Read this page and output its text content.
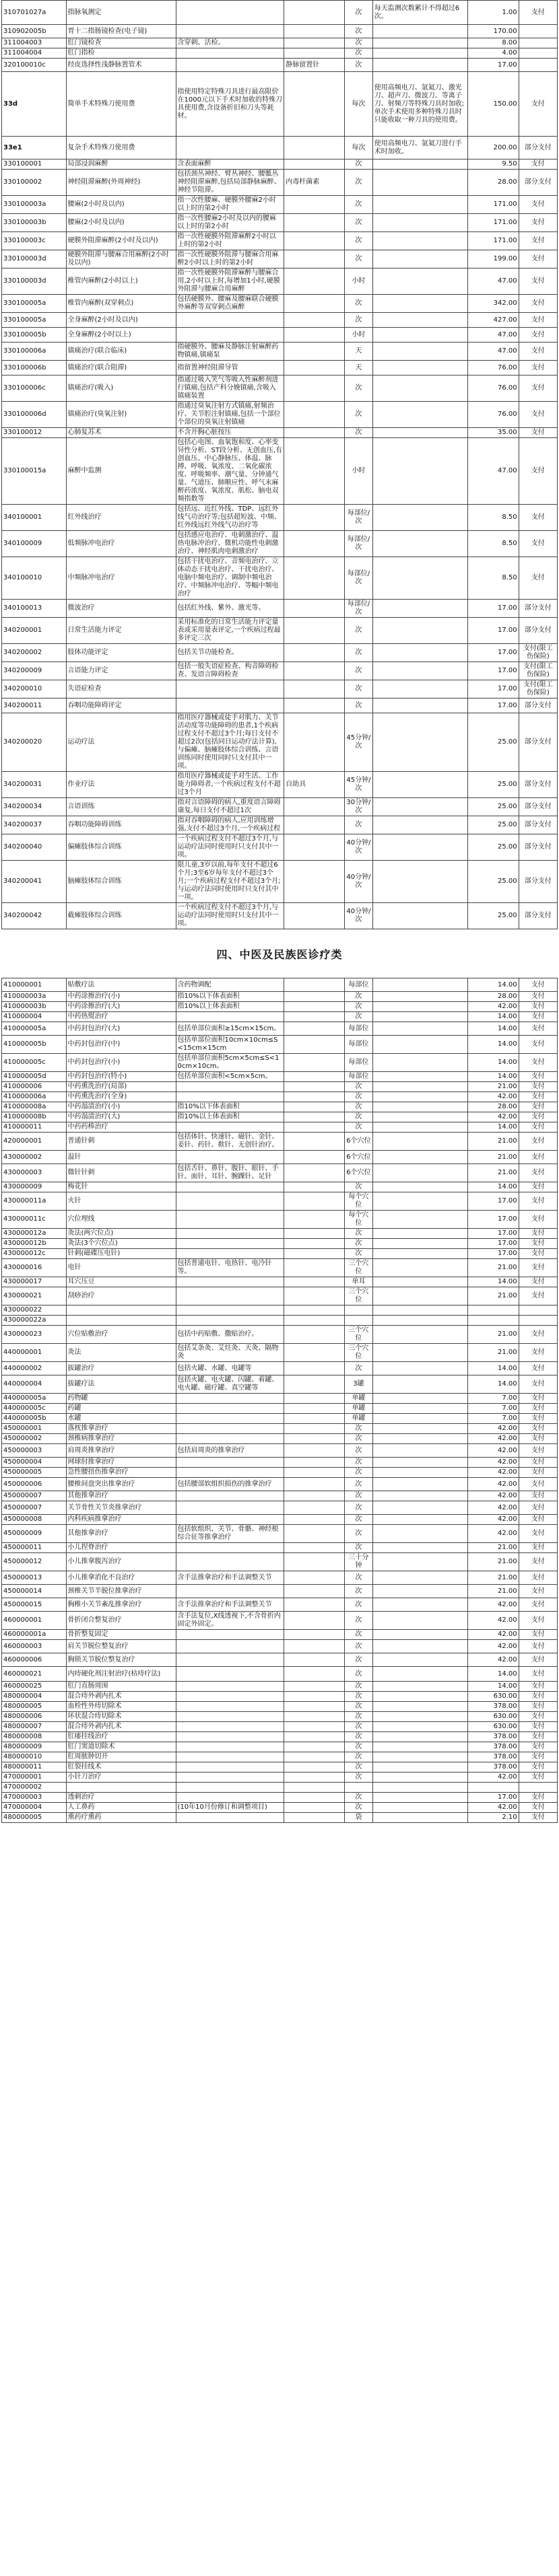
310701027a	指脉氧测定			次	每天监测次数累计不得超过6次。	1.00	支付
310902005b	胃十二指肠镜检查(电子镜)			次		170.00	
311004003	肛门镜检查	含穿刺、活检。		次		8.00	
311004004	肛门指检			次		4.00	
320100010c	经皮选择性浅静脉置管术		静脉留置针	次		17.00	
33d	简单手术特殊刀使用费	指使用特定特殊刀具进行最高限价在1000元以下手术时加收的特殊刀具使用费,含设备折旧和刀头等耗材。		每次	使用高频电刀、氩氦刀、激光刀、超声刀、微波刀、等离子刀、射频刀等特殊刀具时加收;单次手术使用多种特殊刀具时只能收取一种刀具的使用费。	150.00	支付
33e1	复杂手术特殊刀使用费			每次	使用高频电刀、氩氦刀进行手术时加收。	200.00	部分支付
330100001	局部浸润麻醉	含表面麻醉		次		9.50	支付
330100002	神经阻滞麻醉(外周神经)	包括颈丛神经、臂丛神经、腰骶丛神经阻滞麻醉,包括局部静脉麻醉、神经节阻滞。	内毒杆菌素	次		28.00	部分支付
330100003a	腰麻(2小时及以内)	指一次性腰麻、硬膜外腰麻2小时以上时的第2小时		次		171.00	支付
330100003b	腰麻(2小时及以内)	指一次性腰麻2小时及以内的腰麻以上时的第2小时		次		171.00	支付
330100003c	硬膜外阻滞麻醉(2小时及以内)	指一次性硬膜外阻滞麻醉2小时以上时的第2小时		次		171.00	支付
330100003d	硬膜外阻滞与腰麻合用麻醉(2小时及以内)	指一次性硬膜外阻滞与腰麻合用麻醉2小时以上时的第2小时		次		199.00	支付
330100003d	椎管内麻醉(2小时以上)	指一次性硬膜外阻滞麻醉与腰麻合用,2小时以上时,每增加1小时,硬膜外阻滞与腰麻合用麻醉		小时		47.00	支付
330100005a	椎管内麻醉(双穿刺点)	包括硬膜外、腰麻及腰麻联合硬膜外麻醉等双穿刺点麻醉		次		342.00	支付
330100005a	全身麻醉(2小时及以内)			次		427.00	支付
330100005b	全身麻醉(2小时以上)			小时		47.00	支付
330100006a	镇痛治疗(联合临床)	指硬膜外、腰麻及静脉注射麻醉药物镇痛,镇痛泵		天		47.00	支付
330100006b	镇痛治疗(联合阻滞)	指留置神经阻滞导管		天		76.00	支付
330100006c	镇痛治疗(吸入)	指通过吸入笑气等吸入性麻醉剂进行镇痛,包括产科分娩镇痛,含吸入镇痛装置		次		76.00	支付
330100006d	镇痛治疗(臭氧注射)	指通过臭氧注射方式镇痛,射频治疗、关节腔注射镇痛,包括一个部位个部位的臭氧注射镇痛		次		76.00	支付
330100012	心肺复苏术	不含开胸心脏按压		次		35.00	支付
330100015a	麻醉中监测	包括心电图、血氧饱和度、心率变异性分析、ST段分析、无创血压,有创血压、中心静脉压、体温、脉搏、呼吸、氧浓度、二氧化碳浓度、呼吸频率、潮气量、分钟通气量、气道压、肺顺应性、呼气末麻醉药浓度、氧浓度、肌松、脑电双频指数等		小时		47.00	支付
340100001	红外线治疗	包括远、近红外线、TDP、远红外线气功治疗等;包括超短波、中频、红外线远红外线气功治疗等		每部位/次		8.50	支付
340100009	低频脉冲电治疗	包括感应电治疗、电刺激治疗、温热电脉冲治疗、微机功能性电刺激治疗、神经肌肉电刺激治疗		每部位/次		8.50	支付
340100010	中频脉冲电治疗	包括干扰电治疗、音频电治疗、立体动态干扰电治疗、干扰电治疗、电脑中频电治疗、调制中频电治疗、中频脉冲电治疗、等幅中频电治疗		每部位/次		8.50	支付
340100013	微波治疗	包括红外线、紫外、激光等。		每部位/次		17.00	部分支付
340200001	日常生活能力评定	采用标准化的日常生活能力评定量表或采用量表评定,一个疾病过程最多评定三次		次		17.00	部分支付
340200002	肢体功能评定	包括关节功能检查。		次		17.00	支付(限工伤保险)
340200009	言语能力评定	包括一般失语症检查、构音障碍检查、发语言障碍检查		次		17.00	支付(限工伤保险)
340200010	失语症检查			次		17.00	支付(限工伤保险)
340200011	吞咽功能障碍评定			次		17.00	部分支付
340200020	运动疗法	指用医疗器械或徒手对肌力、关节活动度等功能障碍的患者,1个疾病过程支付不超过3个月;每日支付不超过2次(包括同日运动疗法计算),与偏瘫、脑瘫肢体综合训练、言语训练同时使用同时只支付其中一项。		45分钟/次		25.00	部分支付
340200031	作业疗法	指用医疗器械或徒手对生活、工作能力障碍者,一个疾病过程支付不超过3个月	自助具	45分钟/次		25.00	部分支付
340200034	言语训练	指对言语障碍的病人,重度语言障碍康复,每日支付不超过1次		30分钟/次		25.00	部分支付
340200037	吞咽功能障碍训练	指对吞咽障碍的病人,应用训练增强,支付不超过3个月,一个疾病过程		次		25.00	部分支付
340200040	偏瘫肢体综合训练	一个疾病过程支付不超过3个月,与运动疗法同时使用时只支付其中一项。		40分钟/次		25.00	部分支付
340200041	脑瘫肢体综合训练	限儿童,3岁以前,每年支付不超过6个月;3至6岁每年支付不超过3个月;一个疾病过程支付不超过3个月;与运动疗法同时使用时只支付其中一项。		40分钟/次		25.00	部分支付
340200042	截瘫肢体综合训练	一个疾病过程支付不超过3个月,与运动疗法同时使用时只支付其中一项。		40分钟/次		25.00	部分支付
四、中医及民族医诊疗类
410000001	贴敷疗法	含药物调配		每部位		14.00	支付
410000003a	中药涂擦治疗(小)	指10%以下体表面积		次		28.00	支付
410000003b	中药涂擦治疗(大)	指10%以上体表面积		次		42.00	支付
410000004	中药热熨治疗			次		14.00	支付
410000005a	中药封包治疗(大)	包括单部位面积≥15cm×15cm。		每部位		14.00	支付
410000005b	中药封包治疗(中)	包括单部位面积10cm×10cm≤S<15cm×15cm		每部位		14.00	支付
410000005c	中药封包治疗(小)	包括单部位面积5cm×5cm≤S<10cm×10cm。		每部位		14.00	支付
410000005d	中药封包治疗(特小)	包括单部位面积<5cm×5cm。		每部位		14.00	支付
410000006	中药熏洗治疗(局部)			次		21.00	支付
410000006a	中药熏洗治疗(全身)			次		42.00	支付
410000008a	中药溻渍治疗(小)	指10%以下体表面积		次		28.00	支付
410000008b	中药溻渍治疗(大)	指10%以上体表面积		次		42.00	支付
410000011	中药药棒治疗			次		14.00	支付
420000001	普通针刺	包括体针、快速针、磁针、金针、姜针、药针、揿针、无创针治疗。		6个穴位		21.00	支付
430000002	温针			6个穴位		21.00	支付
430000003	微针针刺	包括舌针、鼻针、腹针、眼针、手针、面针、耳针、腕踝针、足针		6个穴位		21.00	支付
430000009	梅花针			次		14.00	支付
430000011a	火针			每个穴位		17.00	支付
430000011c	穴位埋线			每个穴位		17.00	支付
430000012a	灸法(两穴位点)			次		17.00	支付
430000012b	灸法(3个穴位点)			次		17.00	支付
430000012c	针刺(磁碟压电针)			次		17.00	支付
430000016	电针	包括普通电针、电热针、电冷针等。		三个穴位		21.00	支付
430000017	耳穴压豆			单耳		14.00	支付
430000021	刮痧治疗			三个穴位		21.00	支付
430000022							
430000022a							
430000023	穴位贴敷治疗	包括中药贴敷、撒贴治疗。		三个穴位		21.00	支付
440000001	灸法	包括艾条灸、艾炷灸、天灸、隔物灸		三个穴位		21.00	支付
440000002	拔罐治疗	包括火罐、水罐、电罐等		次		14.00	支付
440000004	拔罐疗法	包括火罐、电火罐、闪罐、着罐、电火罐、磁疗罐、真空罐等		3罐		14.00	支付
440000005a	药物罐			单罐		7.00	支付
440000005c	药罐			单罐		7.00	支付
440000005b	水罐			单罐		7.00	支付
450000001	落枕推拿治疗			次		42.00	支付
450000002	颈椎病推拿治疗			次		42.00	支付
450000003	肩周炎推拿治疗	包括肩周炎的推拿治疗		次		42.00	支付
450000004	网球肘推拿治疗			次		42.00	支付
450000005	急性腰扭伤推拿治疗			次		42.00	支付
450000006	腰椎间盘突出推拿治疗	包括腰部软组织损伤的推拿治疗		次		42.00	支付
450000007	其他推拿治疗			次		42.00	支付
450000007	关节骨性关节炎推拿治疗			次		42.00	支付
450000008	内科疾病推拿治疗			次		42.00	支付
450000009	其他推拿治疗	包括软组织、关节、骨骼、神经根综合征等推拿治疗		次		42.00	支付
450000011	小儿捏脊治疗			次		21.00	支付
450000012	小儿推拿腹泻治疗			三十分钟		21.00	支付
450000013	小儿推拿消化不良治疗	含手法推拿治疗和手法调整关节		次		21.00	支付
450000014	颈椎关节半脱位推拿治疗			次		21.00	支付
450000015	胸椎小关节紊乱推拿治疗	含手法推拿治疗和手法调整关节		次		42.00	支付
460000001	骨折闭合整复治疗	含手法复位,X线透视下,不含骨折内固定外固定。		次		42.00	支付
460000001a	骨折整复固定			次		42.00	支付
460000003	肩关节脱位整复治疗			次		42.00	支付
460000006	胸锁关节脱位整复治疗			次		42.00	支付
460000021	内痔硬化剂注射治疗(枯痔疗法)			次		14.00	支付
460000025	肛门直肠周围			次		14.00	支付
480000004	混合痔外剥内扎术			次		630.00	支付
480000005	血栓性外痔切除术			次		378.00	支付
480000006	环状混合痔切除术			次		630.00	支付
480000007	混合痔外剥内扎术			次		630.00	支付
480000008	肛瘘挂线治疗			次		378.00	支付
480000009	肛门窦道切除术			次		378.00	支付
480000010	肛周脓肿切开			次		378.00	支付
480000011	肛裂挂线术			次		378.00	支付
470000001	小针刀治疗			次		42.00	支付
470000002							
470000003	透刺治疗			次		17.00	支付
470000004	人工鼻药	(10年10月份修订和调整项目)		次		42.00	支付
480000005	熏药疗熏药			袋		2.10	支付
